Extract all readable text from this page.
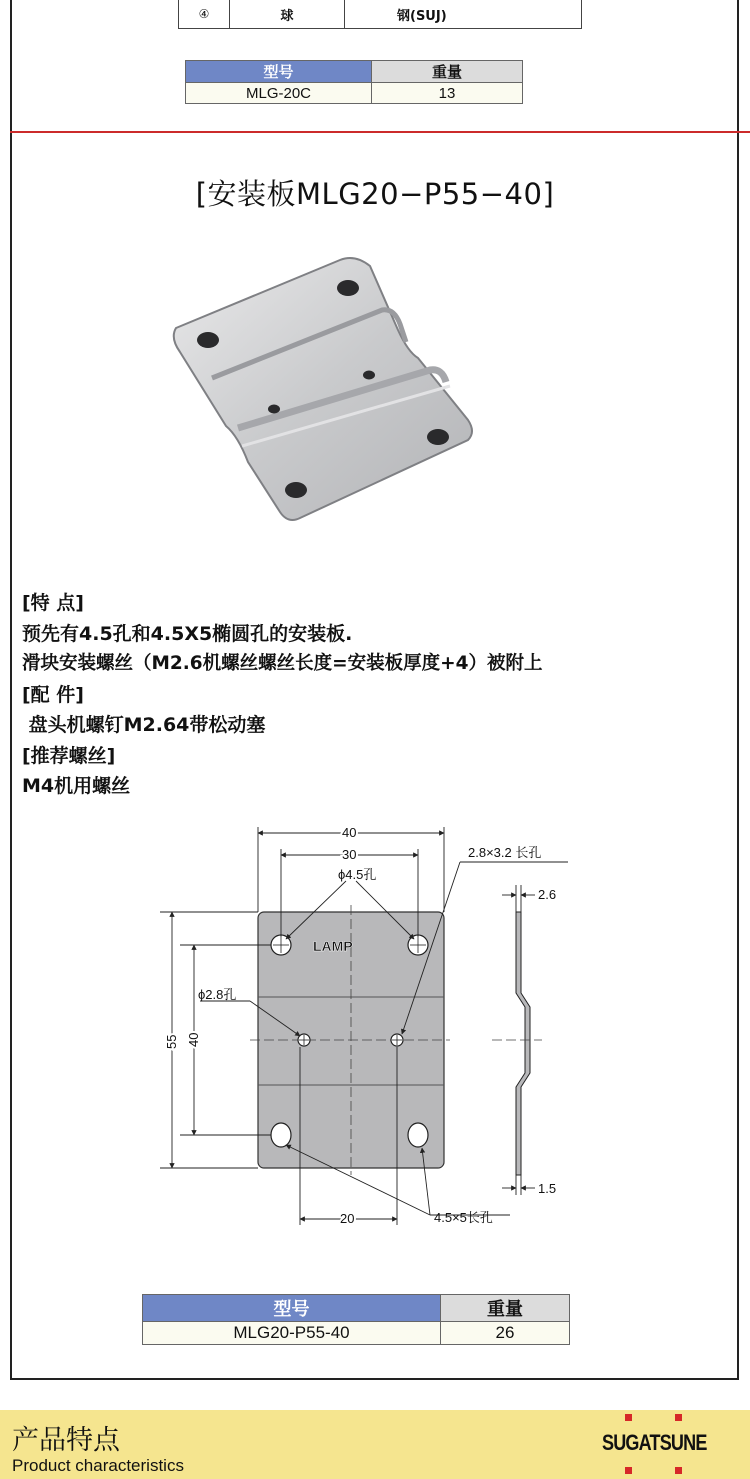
④	球	钢(SUJ)
型号	重量
MLG-20C	13
[安装板MLG20−P55−40]
[特 点]
预先有4.5孔和4.5X5椭圆孔的安装板.
滑块安装螺丝（M2.6机螺丝螺丝长度=安装板厚度+4）被附上
[配 件]
盘头机螺钉M2.64带松动塞
[推荐螺丝]
M4机用螺丝
LAMP
40
30
ϕ4.5孔
2.8×3.2 长孔
2.6
ϕ2.8孔
55 40
1.5
20	4.5×5长孔
型号	重量
MLG20-P55-40	26
产品特点
Product characteristics
SUGATSUNE
